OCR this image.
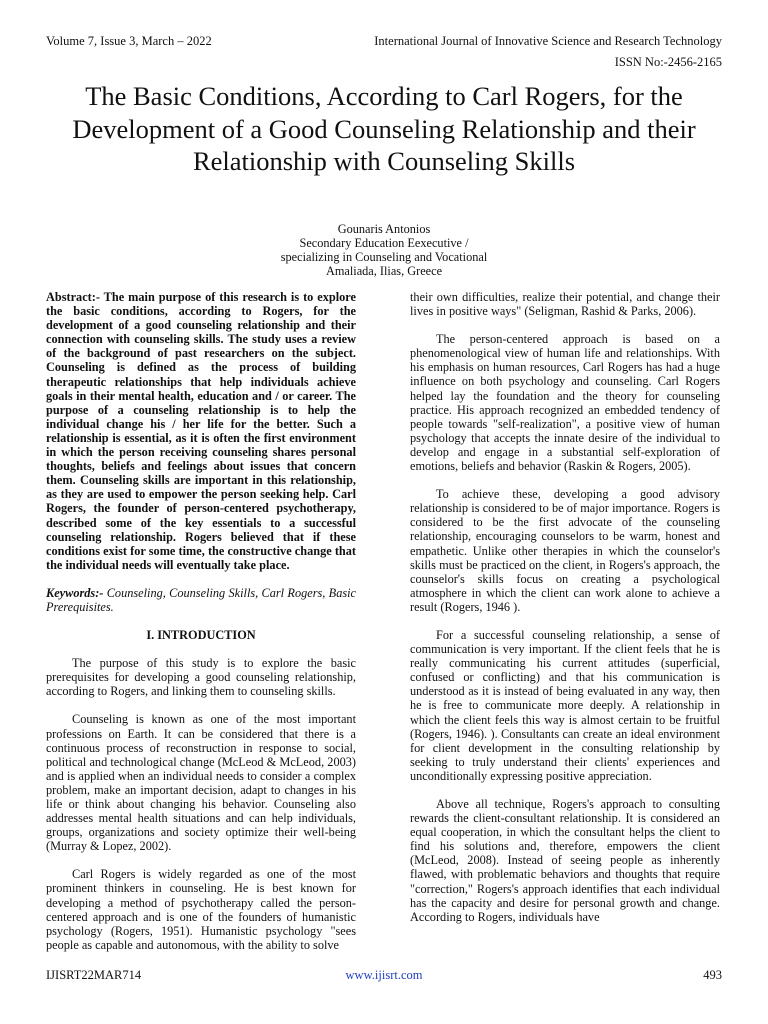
Volume 7, Issue 3, March – 2022	International Journal of Innovative Science and Research Technology
ISSN No:-2456-2165
The Basic Conditions, According to Carl Rogers, for the Development of a Good Counseling Relationship and their Relationship with Counseling Skills
Gounaris Antonios
Secondary Education Eexecutive /
specializing in Counseling and Vocational
Amaliada, Ilias, Greece

Abstract:- The main purpose of this research is to explore the basic conditions, according to Rogers, for the development of a good counseling relationship and their connection with counseling skills. The study uses a review of the background of past researchers on the subject. Counseling is defined as the process of building therapeutic relationships that help individuals achieve goals in their mental health, education and / or career. The purpose of a counseling relationship is to help the individual change his / her life for the better. Such a relationship is essential, as it is often the first environment in which the person receiving counseling shares personal thoughts, beliefs and feelings about issues that concern them. Counseling skills are important in this relationship, as they are used to empower the person seeking help. Carl Rogers, the founder of person-centered psychotherapy, described some of the key essentials to a successful counseling relationship. Rogers believed that if these conditions exist for some time, the constructive change that the individual needs will eventually take place.

Keywords:- Counseling, Counseling Skills, Carl Rogers, Basic Prerequisites.

I. INTRODUCTION

The purpose of this study is to explore the basic prerequisites for developing a good counseling relationship, according to Rogers, and linking them to counseling skills.

Counseling is known as one of the most important professions on Earth. It can be considered that there is a continuous process of reconstruction in response to social, political and technological change (McLeod & McLeod, 2003) and is applied when an individual needs to consider a complex problem, make an important decision, adapt to changes in his life or think about changing his behavior. Counseling also addresses mental health situations and can help individuals, groups, organizations and society optimize their well-being (Murray & Lopez, 2002).

Carl Rogers is widely regarded as one of the most prominent thinkers in counseling. He is best known for developing a method of psychotherapy called the person-centered approach and is one of the founders of humanistic psychology (Rogers, 1951). Humanistic psychology "sees people as capable and autonomous, with the ability to solve

their own difficulties, realize their potential, and change their lives in positive ways" (Seligman, Rashid & Parks, 2006).

The person-centered approach is based on a phenomenological view of human life and relationships. With his emphasis on human resources, Carl Rogers has had a huge influence on both psychology and counseling. Carl Rogers helped lay the foundation and the theory for counseling practice. His approach recognized an embedded tendency of people towards "self-realization", a positive view of human psychology that accepts the innate desire of the individual to develop and engage in a substantial self-exploration of emotions, beliefs and behavior (Raskin & Rogers, 2005).

To achieve these, developing a good advisory relationship is considered to be of major importance. Rogers is considered to be the first advocate of the counseling relationship, encouraging counselors to be warm, honest and empathetic. Unlike other therapies in which the counselor's skills must be practiced on the client, in Rogers's approach, the counselor's skills focus on creating a psychological atmosphere in which the client can work alone to achieve a result (Rogers, 1946 ).

For a successful counseling relationship, a sense of communication is very important. If the client feels that he is really communicating his current attitudes (superficial, confused or conflicting) and that his communication is understood as it is instead of being evaluated in any way, then he is free to communicate more deeply. A relationship in which the client feels this way is almost certain to be fruitful (Rogers, 1946). ). Consultants can create an ideal environment for client development in the consulting relationship by seeking to truly understand their clients' experiences and unconditionally expressing positive appreciation.

Above all technique, Rogers's approach to consulting rewards the client-consultant relationship. It is considered an equal cooperation, in which the consultant helps the client to find his solutions and, therefore, empowers the client (McLeod, 2008). Instead of seeing people as inherently flawed, with problematic behaviors and thoughts that require "correction," Rogers's approach identifies that each individual has the capacity and desire for personal growth and change. According to Rogers, individuals have

IJISRT22MAR714	www.ijisrt.com	493
